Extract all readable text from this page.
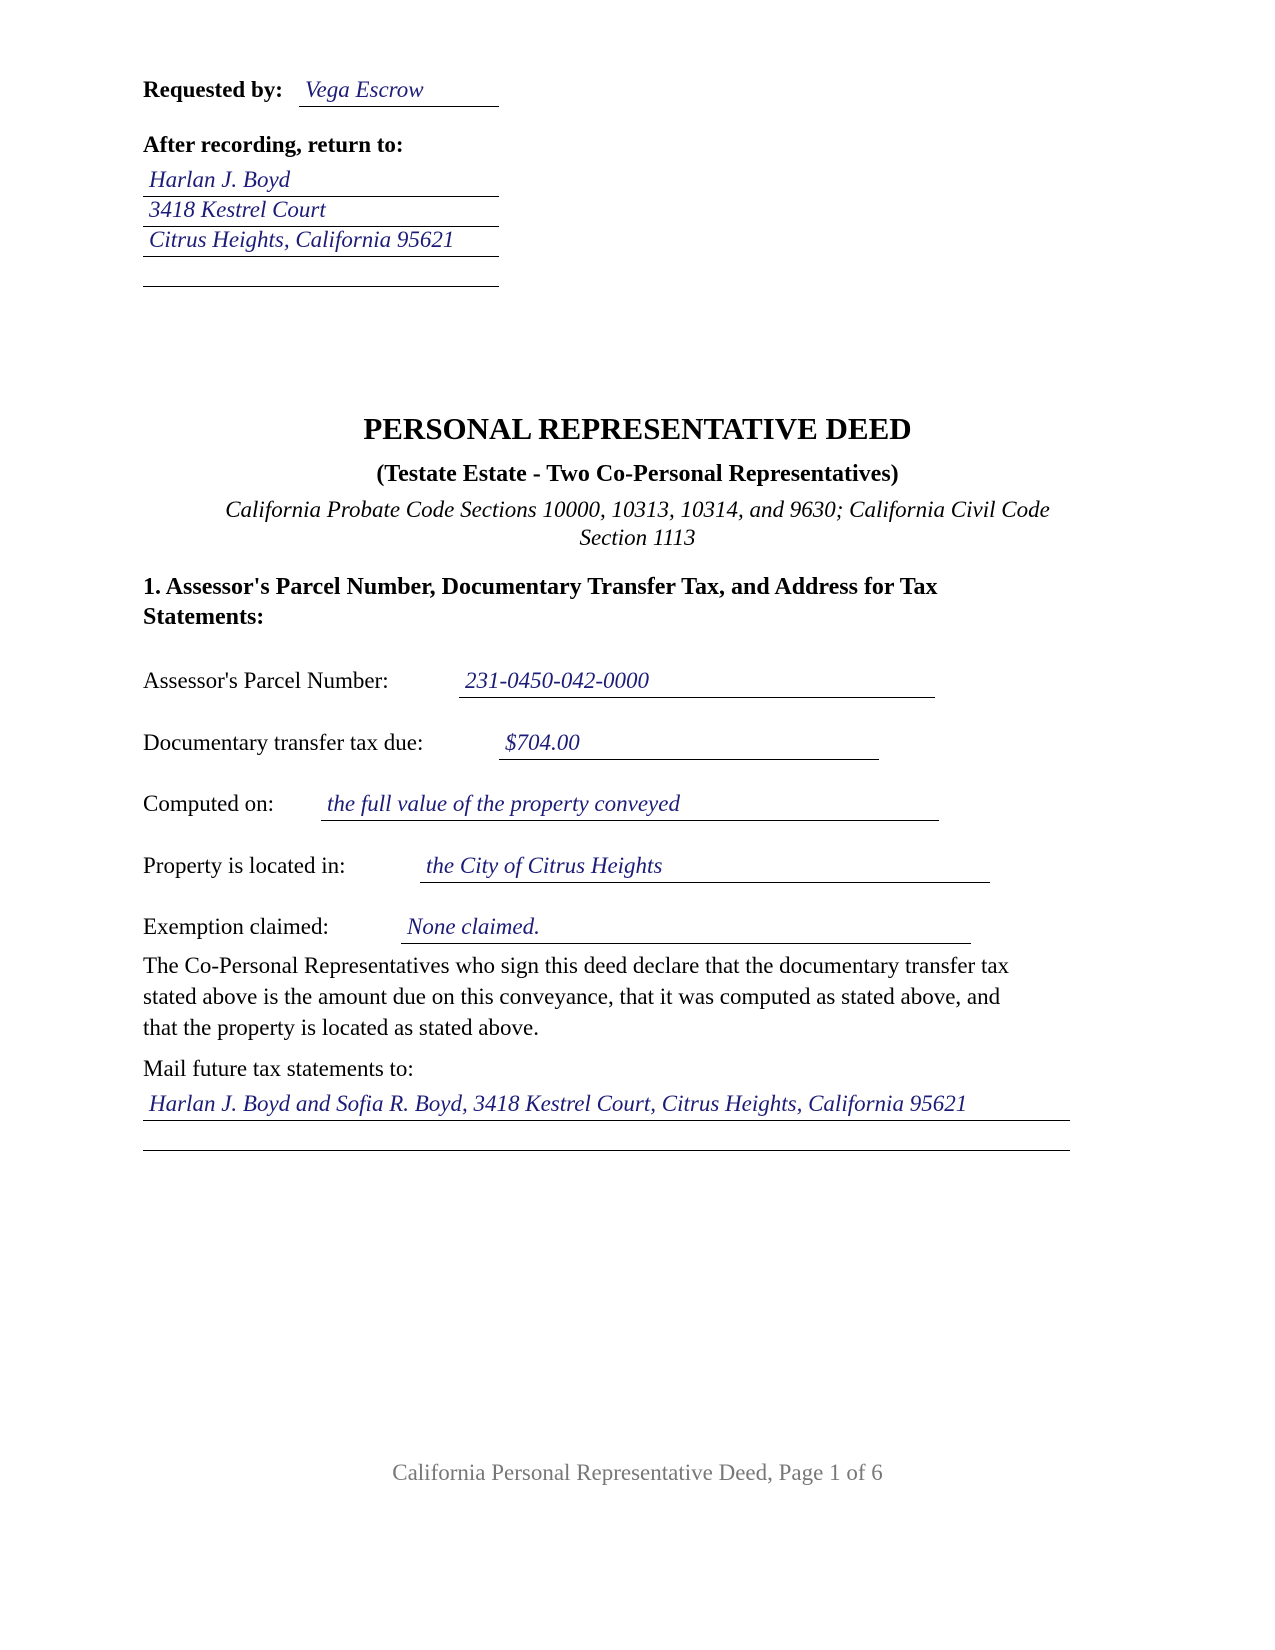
Requested by: Vega Escrow
After recording, return to:
Harlan J. Boyd
3418 Kestrel Court
Citrus Heights, California 95621
PERSONAL REPRESENTATIVE DEED
(Testate Estate - Two Co-Personal Representatives)
California Probate Code Sections 10000, 10313, 10314, and 9630; California Civil Code
Section 1113
1. Assessor's Parcel Number, Documentary Transfer Tax, and Address for Tax
Statements:
Assessor's Parcel Number:	231-0450-042-0000
Documentary transfer tax due:	$704.00
Computed on: the full value of the property conveyed
Property is located in:	the City of Citrus Heights
Exemption claimed:	None claimed.
The Co-Personal Representatives who sign this deed declare that the documentary transfer tax
stated above is the amount due on this conveyance, that it was computed as stated above, and
that the property is located as stated above.
Mail future tax statements to:
Harlan J. Boyd and Sofia R. Boyd, 3418 Kestrel Court, Citrus Heights, California 95621
California Personal Representative Deed, Page 1 of 6
